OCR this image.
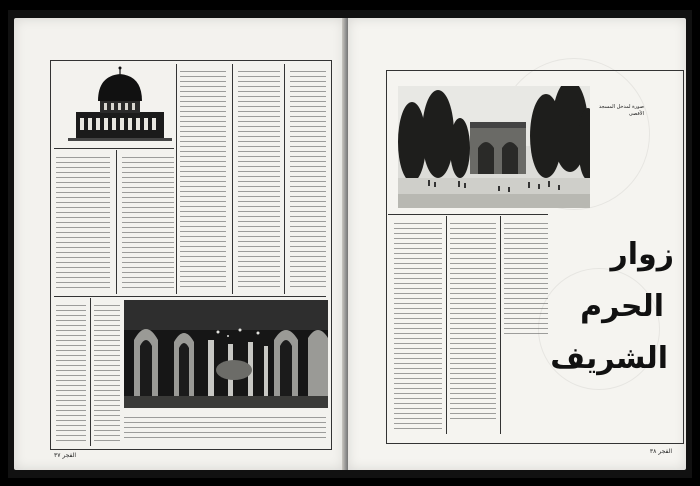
الفجر ٣٧
صورة لمدخل المسجد الأقصى
زوار
الحرم
الشريف
الفجر ٣٨
